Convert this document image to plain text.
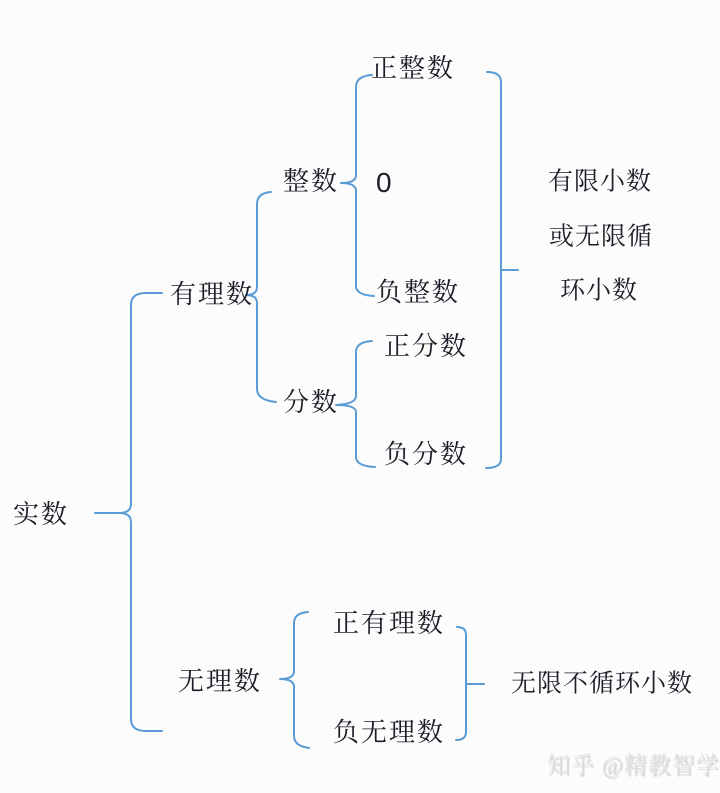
实数
有理数
整数
正整数
0
负整数
分数
正分数
负分数
无理数
正有理数
负无理数
有限小数
或无限循
环小数
无限不循环小数
知乎 @精教智学
